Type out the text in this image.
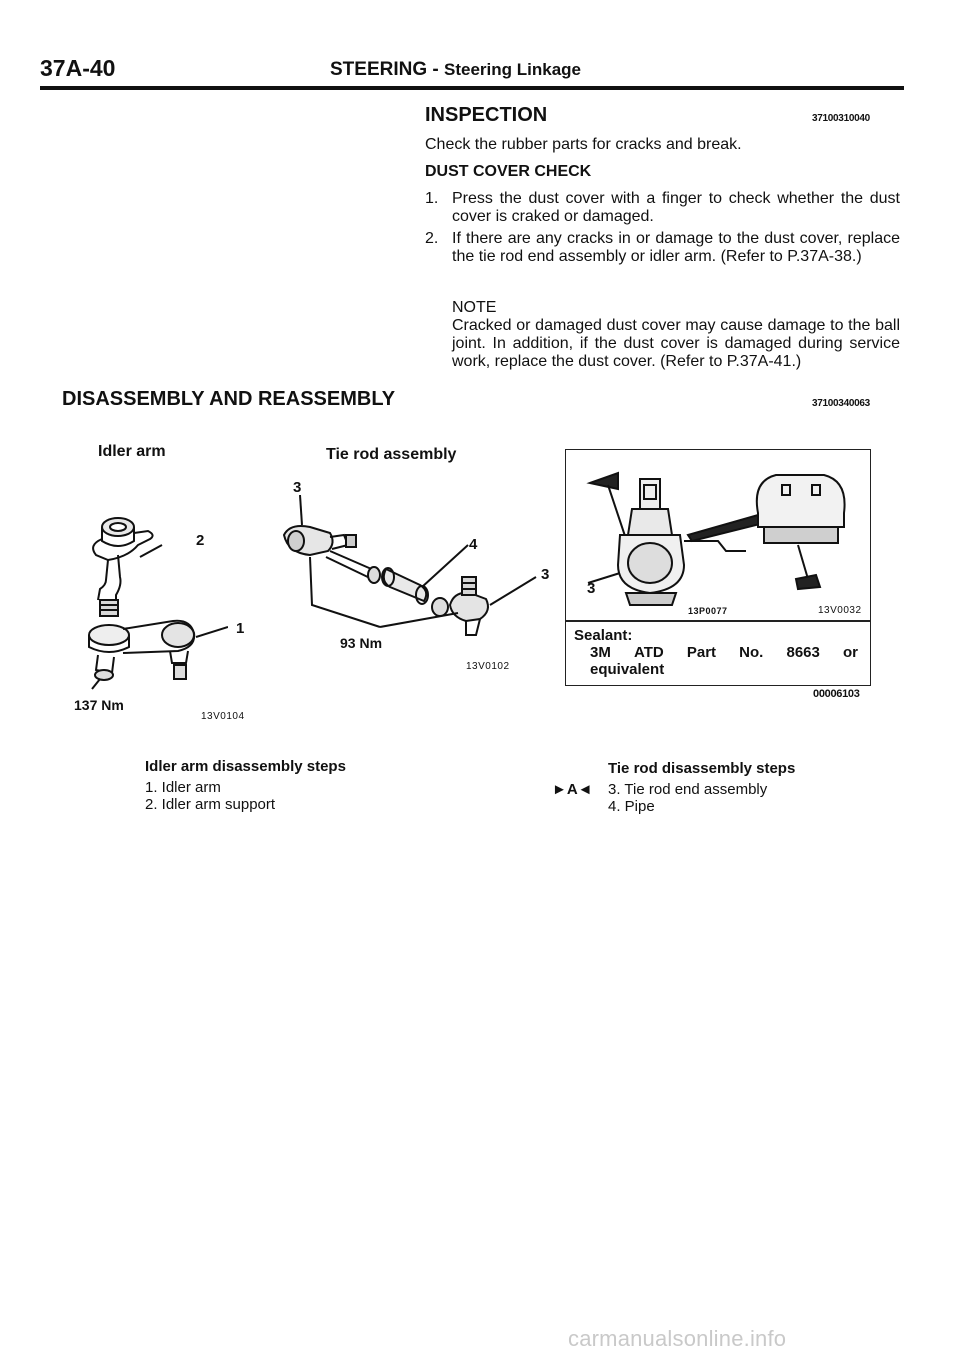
37A-40	STEERING - Steering Linkage
INSPECTION	37100310040
Check the rubber parts for cracks and break.
DUST COVER CHECK
1. Press the dust cover with a finger to check whether the dust cover is craked or damaged.
2. If there are any cracks in or damage to the dust cover, replace the tie rod end assembly or idler arm. (Refer to P.37A-38.)
NOTE
Cracked or damaged dust cover may cause damage to the ball joint. In addition, if the dust cover is damaged during service work, replace the dust cover. (Refer to P.37A-41.)
DISASSEMBLY AND REASSEMBLY	37100340063
Idler arm	Tie rod assembly
2
1
137 Nm
13V0104
3
4
3
93 Nm
13V0102
3
13P0077	13V0032
Sealant:
3M ATD Part No. 8663 or
equivalent
00006103
Idler arm disassembly steps
1. Idler arm
2. Idler arm support
Tie rod disassembly steps
►A◄ 3. Tie rod end assembly
4. Pipe
carmanualsonline.info
